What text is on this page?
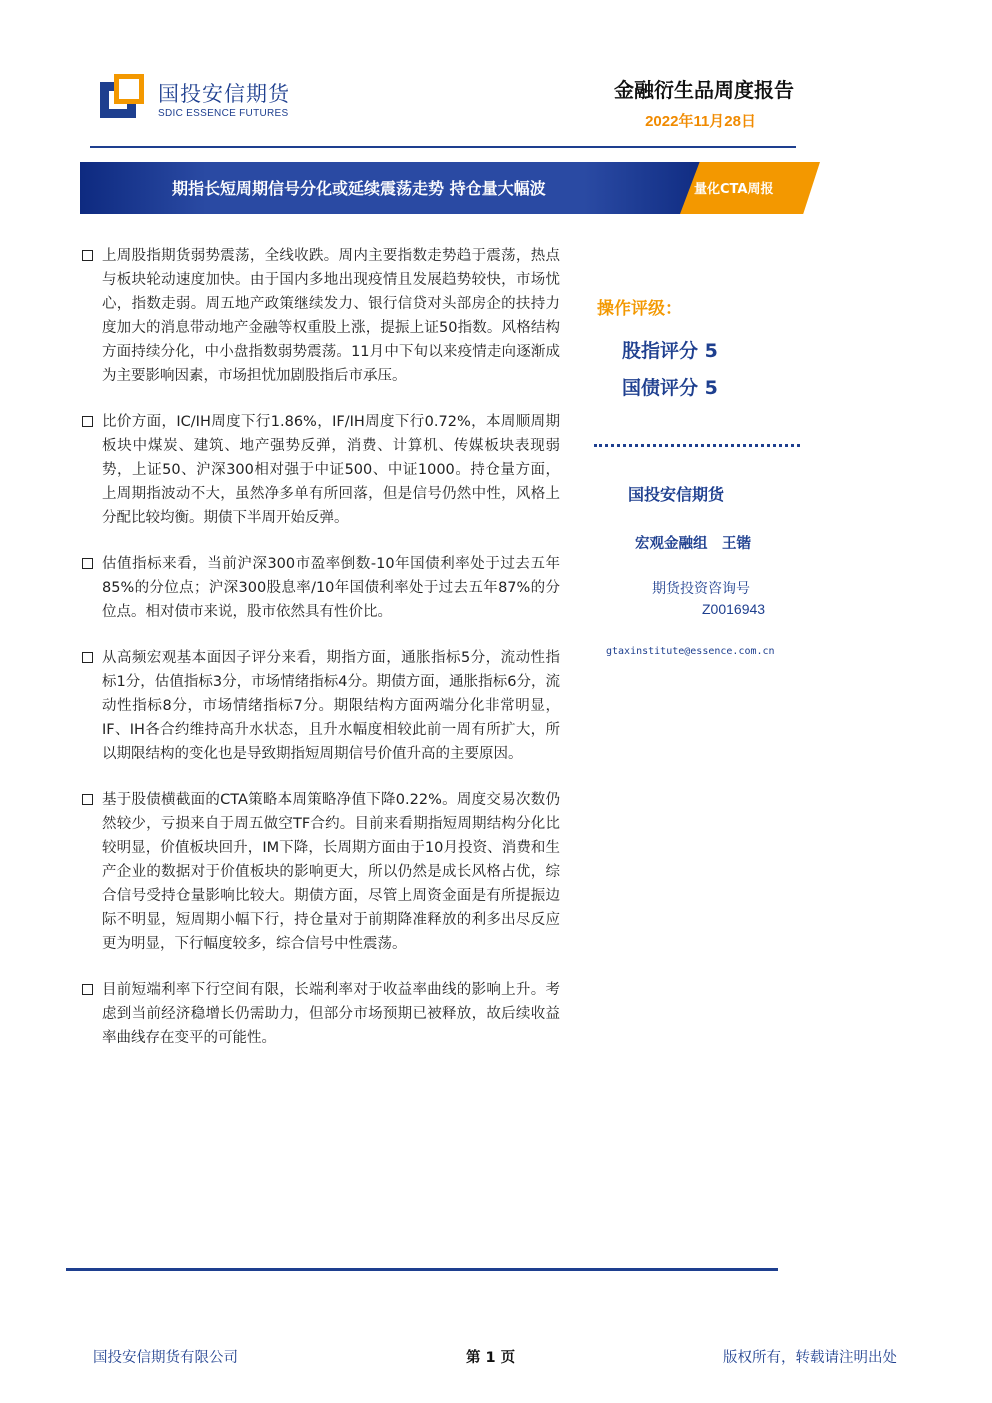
国投安信期货
SDIC ESSENCE FUTURES
金融衍生品周度报告
2022年11月28日
期指长短周期信号分化或延续震荡走势 持仓量大幅波	量化CTA周报
上周股指期货弱势震荡，全线收跌。周内主要指数走势趋于震荡，热点与板块轮动速度加快。由于国内多地出现疫情且发展趋势较快，市场忧心，指数走弱。周五地产政策继续发力、银行信贷对头部房企的扶持力度加大的消息带动地产金融等权重股上涨，提振上证50指数。风格结构方面持续分化，中小盘指数弱势震荡。11月中下旬以来疫情走向逐渐成为主要影响因素，市场担忧加剧股指后市承压。
比价方面，IC/IH周度下行1.86%，IF/IH周度下行0.72%，本周顺周期板块中煤炭、建筑、地产强势反弹，消费、计算机、传媒板块表现弱势，上证50、沪深300相对强于中证500、中证1000。持仓量方面，上周期指波动不大，虽然净多单有所回落，但是信号仍然中性，风格上分配比较均衡。期债下半周开始反弹。
估值指标来看，当前沪深300市盈率倒数-10年国债利率处于过去五年85%的分位点；沪深300股息率/10年国债利率处于过去五年87%的分位点。相对债市来说，股市依然具有性价比。
从高频宏观基本面因子评分来看，期指方面，通胀指标5分，流动性指标1分，估值指标3分，市场情绪指标4分。期债方面，通胀指标6分，流动性指标8分，市场情绪指标7分。期限结构方面两端分化非常明显， IF、IH各合约维持高升水状态，且升水幅度相较此前一周有所扩大，所以期限结构的变化也是导致期指短周期信号价值升高的主要原因。
基于股债横截面的CTA策略本周策略净值下降0.22%。周度交易次数仍然较少，亏损来自于周五做空TF合约。目前来看期指短周期结构分化比较明显，价值板块回升，IM下降，长周期方面由于10月投资、消费和生产企业的数据对于价值板块的影响更大，所以仍然是成长风格占优，综合信号受持仓量影响比较大。期债方面，尽管上周资金面是有所提振边际不明显，短周期小幅下行，持仓量对于前期降准释放的利多出尽反应更为明显，下行幅度较多，综合信号中性震荡。
目前短端利率下行空间有限，长端利率对于收益率曲线的影响上升。考虑到当前经济稳增长仍需助力，但部分市场预期已被释放，故后续收益率曲线存在变平的可能性。
操作评级：
股指评分 5
国债评分 5
国投安信期货
宏观金融组　王锴
期货投资咨询号
Z0016943
gtaxinstitute@essence.com.cn
国投安信期货有限公司	第 1 页	版权所有，转载请注明出处
